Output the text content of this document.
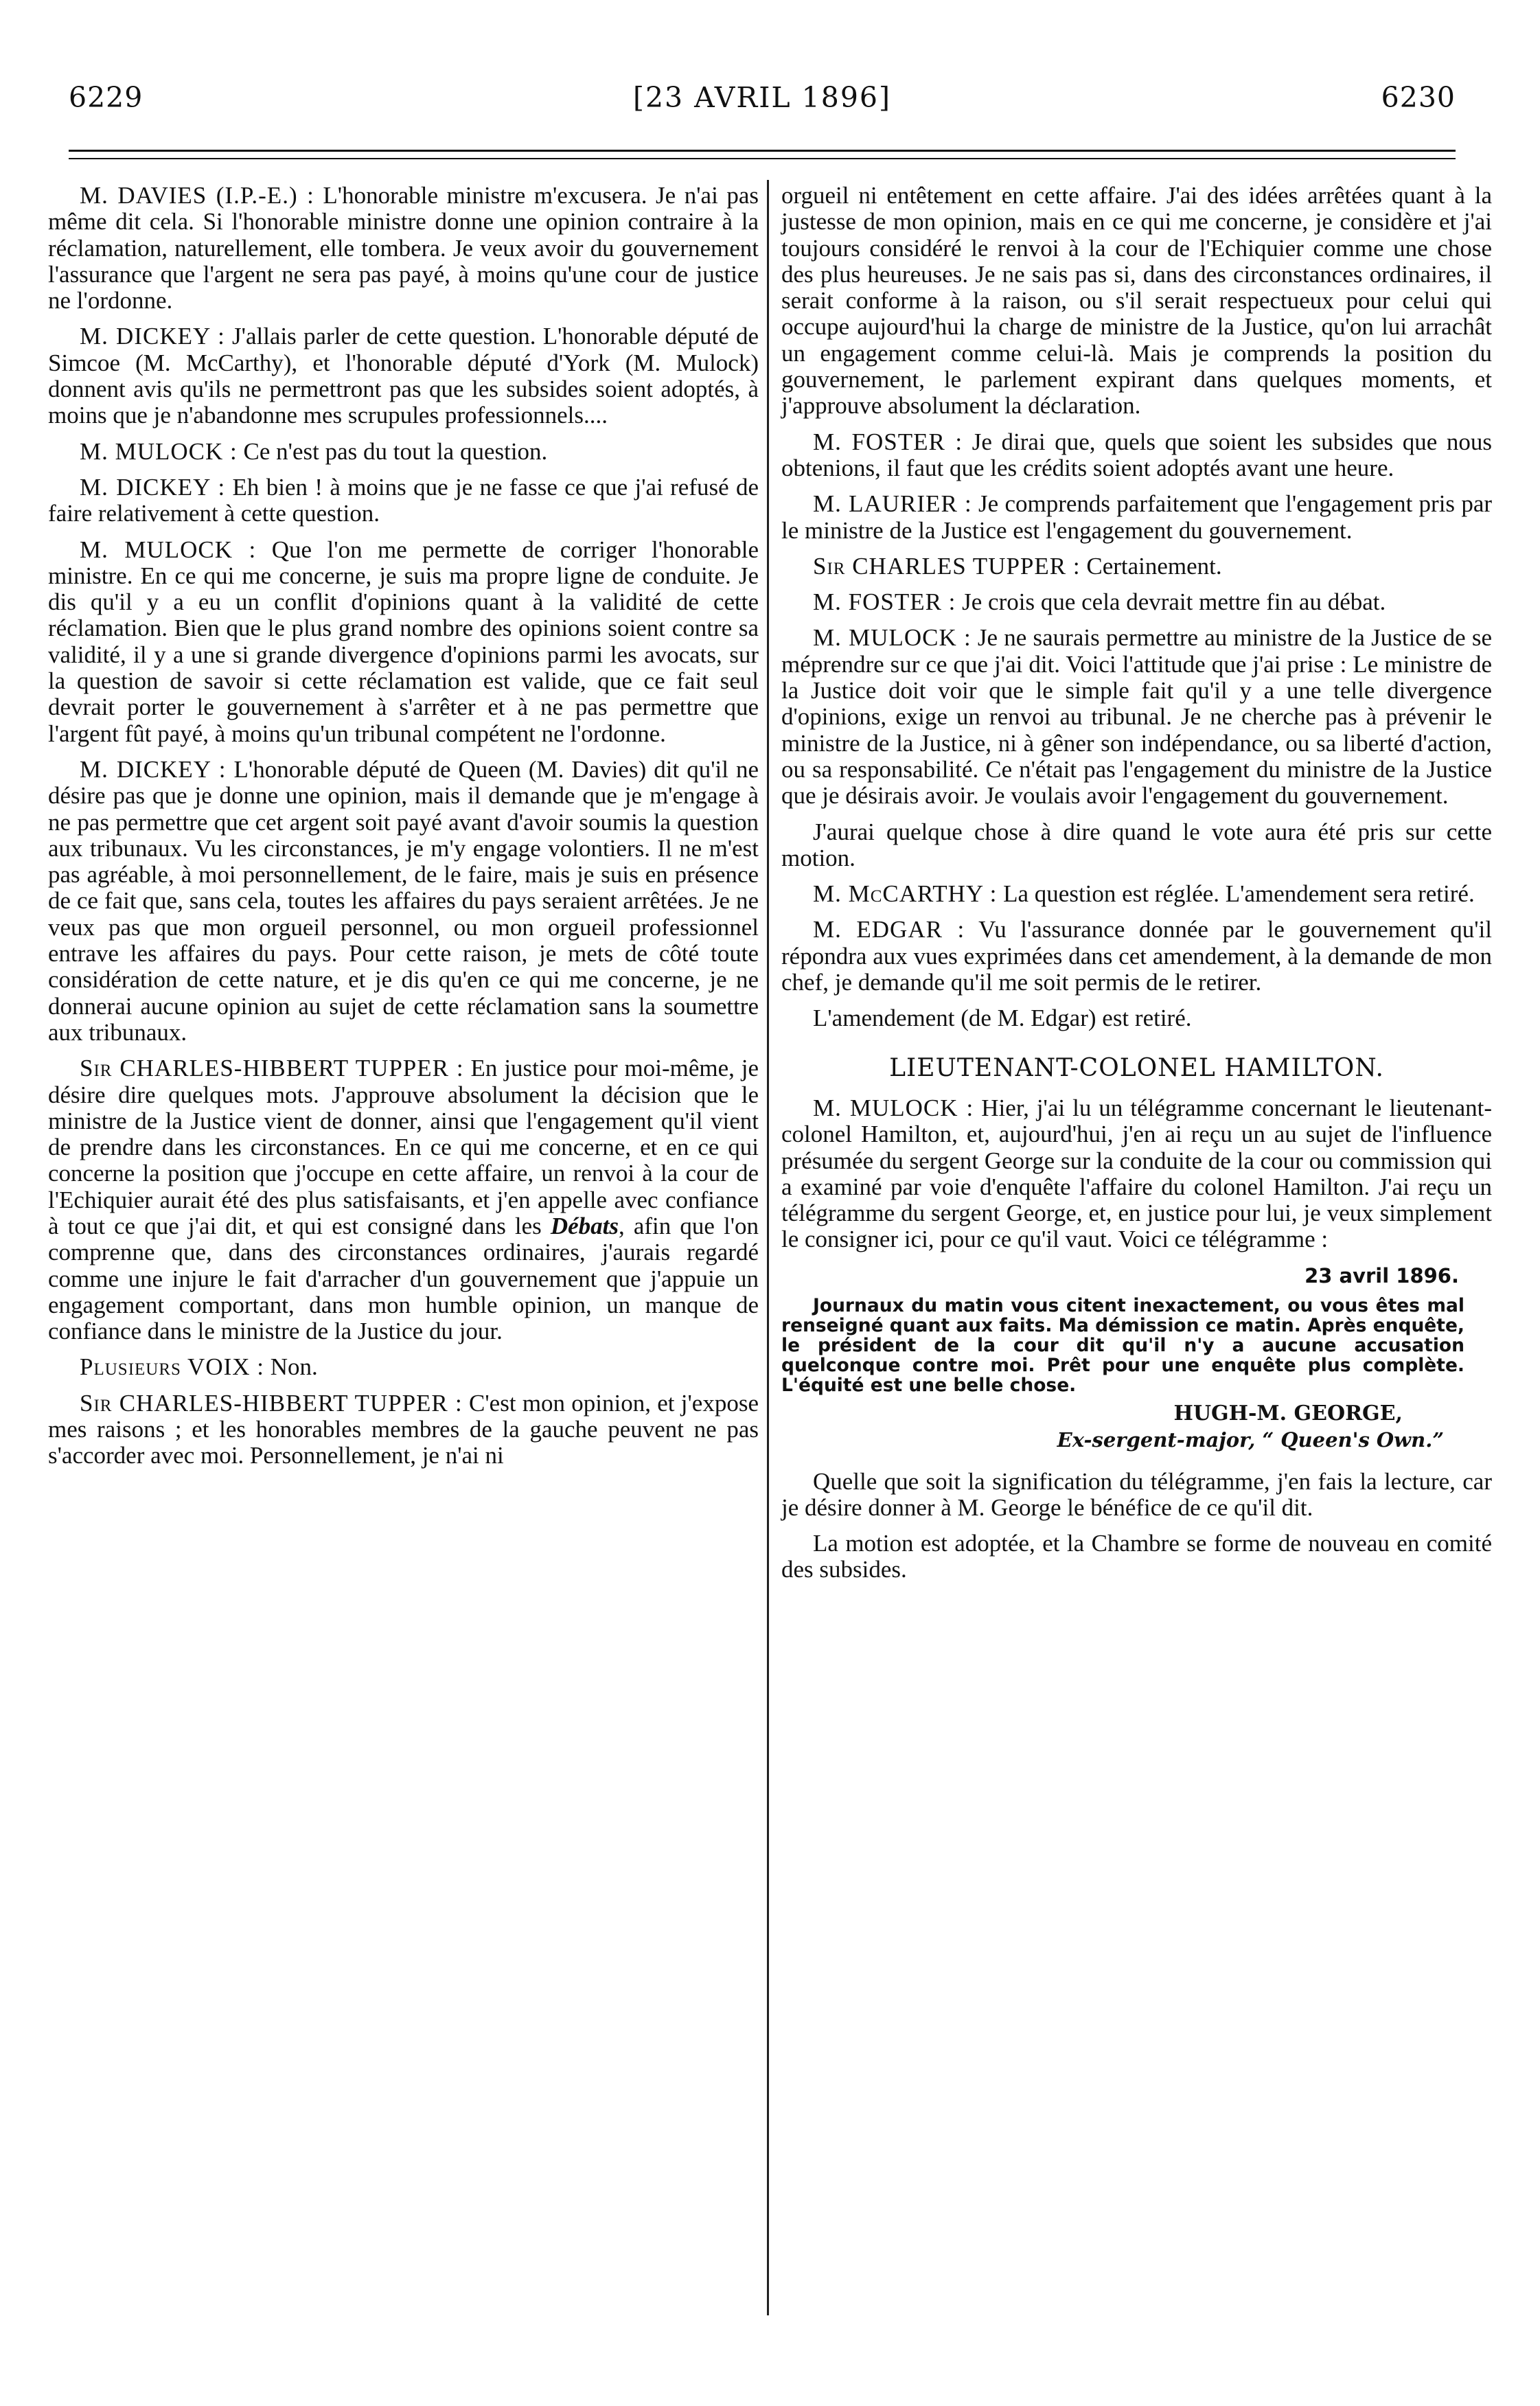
6229	[23 AVRIL 1896]	6230

M. DAVIES (I.P.-E.) : L'honorable ministre m'excusera. Je n'ai pas même dit cela. Si l'honorable ministre donne une opinion contraire à la réclamation, naturellement, elle tombera. Je veux avoir du gouvernement l'assurance que l'argent ne sera pas payé, à moins qu'une cour de justice ne l'ordonne.

M. DICKEY : J'allais parler de cette question. L'honorable député de Simcoe (M. McCarthy), et l'honorable député d'York (M. Mulock) donnent avis qu'ils ne permettront pas que les subsides soient adoptés, à moins que je n'abandonne mes scrupules professionnels....

M. MULOCK : Ce n'est pas du tout la question.

M. DICKEY : Eh bien ! à moins que je ne fasse ce que j'ai refusé de faire relativement à cette question.

M. MULOCK : Que l'on me permette de corriger l'honorable ministre. En ce qui me concerne, je suis ma propre ligne de conduite. Je dis qu'il y a eu un conflit d'opinions quant à la validité de cette réclamation. Bien que le plus grand nombre des opinions soient contre sa validité, il y a une si grande divergence d'opinions parmi les avocats, sur la question de savoir si cette réclamation est valide, que ce fait seul devrait porter le gouvernement à s'arrêter et à ne pas permettre que l'argent fût payé, à moins qu'un tribunal compétent ne l'ordonne.

M. DICKEY : L'honorable député de Queen (M. Davies) dit qu'il ne désire pas que je donne une opinion, mais il demande que je m'engage à ne pas permettre que cet argent soit payé avant d'avoir soumis la question aux tribunaux. Vu les circonstances, je m'y engage volontiers. Il ne m'est pas agréable, à moi personnellement, de le faire, mais je suis en présence de ce fait que, sans cela, toutes les affaires du pays seraient arrêtées. Je ne veux pas que mon orgueil personnel, ou mon orgueil professionnel entrave les affaires du pays. Pour cette raison, je mets de côté toute considération de cette nature, et je dis qu'en ce qui me concerne, je ne donnerai aucune opinion au sujet de cette réclamation sans la soumettre aux tribunaux.

Sir CHARLES-HIBBERT TUPPER : En justice pour moi-même, je désire dire quelques mots. J'approuve absolument la décision que le ministre de la Justice vient de donner, ainsi que l'engagement qu'il vient de prendre dans les circonstances. En ce qui me concerne, et en ce qui concerne la position que j'occupe en cette affaire, un renvoi à la cour de l'Echiquier aurait été des plus satisfaisants, et j'en appelle avec confiance à tout ce que j'ai dit, et qui est consigné dans les Débats, afin que l'on comprenne que, dans des circonstances ordinaires, j'aurais regardé comme une injure le fait d'arracher d'un gouvernement que j'appuie un engagement comportant, dans mon humble opinion, un manque de confiance dans le ministre de la Justice du jour.

Plusieurs VOIX : Non.

Sir CHARLES-HIBBERT TUPPER : C'est mon opinion, et j'expose mes raisons ; et les honorables membres de la gauche peuvent ne pas s'accorder avec moi. Personnellement, je n'ai ni

orgueil ni entêtement en cette affaire. J'ai des idées arrêtées quant à la justesse de mon opinion, mais en ce qui me concerne, je considère et j'ai toujours considéré le renvoi à la cour de l'Echiquier comme une chose des plus heureuses. Je ne sais pas si, dans des circonstances ordinaires, il serait conforme à la raison, ou s'il serait respectueux pour celui qui occupe aujourd'hui la charge de ministre de la Justice, qu'on lui arrachât un engagement comme celui-là. Mais je comprends la position du gouvernement, le parlement expirant dans quelques moments, et j'approuve absolument la déclaration.

M. FOSTER : Je dirai que, quels que soient les subsides que nous obtenions, il faut que les crédits soient adoptés avant une heure.

M. LAURIER : Je comprends parfaitement que l'engagement pris par le ministre de la Justice est l'engagement du gouvernement.

Sir CHARLES TUPPER : Certainement.

M. FOSTER : Je crois que cela devrait mettre fin au débat.

M. MULOCK : Je ne saurais permettre au ministre de la Justice de se méprendre sur ce que j'ai dit. Voici l'attitude que j'ai prise : Le ministre de la Justice doit voir que le simple fait qu'il y a une telle divergence d'opinions, exige un renvoi au tribunal. Je ne cherche pas à prévenir le ministre de la Justice, ni à gêner son indépendance, ou sa liberté d'action, ou sa responsabilité. Ce n'était pas l'engagement du ministre de la Justice que je désirais avoir. Je voulais avoir l'engagement du gouvernement.

J'aurai quelque chose à dire quand le vote aura été pris sur cette motion.

M. McCARTHY : La question est réglée. L'amendement sera retiré.

M. EDGAR : Vu l'assurance donnée par le gouvernement qu'il répondra aux vues exprimées dans cet amendement, à la demande de mon chef, je demande qu'il me soit permis de le retirer.

L'amendement (de M. Edgar) est retiré.

LIEUTENANT-COLONEL HAMILTON.

M. MULOCK : Hier, j'ai lu un télégramme concernant le lieutenant-colonel Hamilton, et, aujourd'hui, j'en ai reçu un au sujet de l'influence présumée du sergent George sur la conduite de la cour ou commission qui a examiné par voie d'enquête l'affaire du colonel Hamilton. J'ai reçu un télégramme du sergent George, et, en justice pour lui, je veux simplement le consigner ici, pour ce qu'il vaut. Voici ce télégramme :

23 avril 1896.
Journaux du matin vous citent inexactement, ou vous êtes mal renseigné quant aux faits. Ma démission ce matin. Après enquête, le président de la cour dit qu'il n'y a aucune accusation quelconque contre moi. Prêt pour une enquête plus complète. L'équité est une belle chose.
HUGH-M. GEORGE,
Ex-sergent-major, “ Queen's Own.”

Quelle que soit la signification du télégramme, j'en fais la lecture, car je désire donner à M. George le bénéfice de ce qu'il dit.

La motion est adoptée, et la Chambre se forme de nouveau en comité des subsides.
